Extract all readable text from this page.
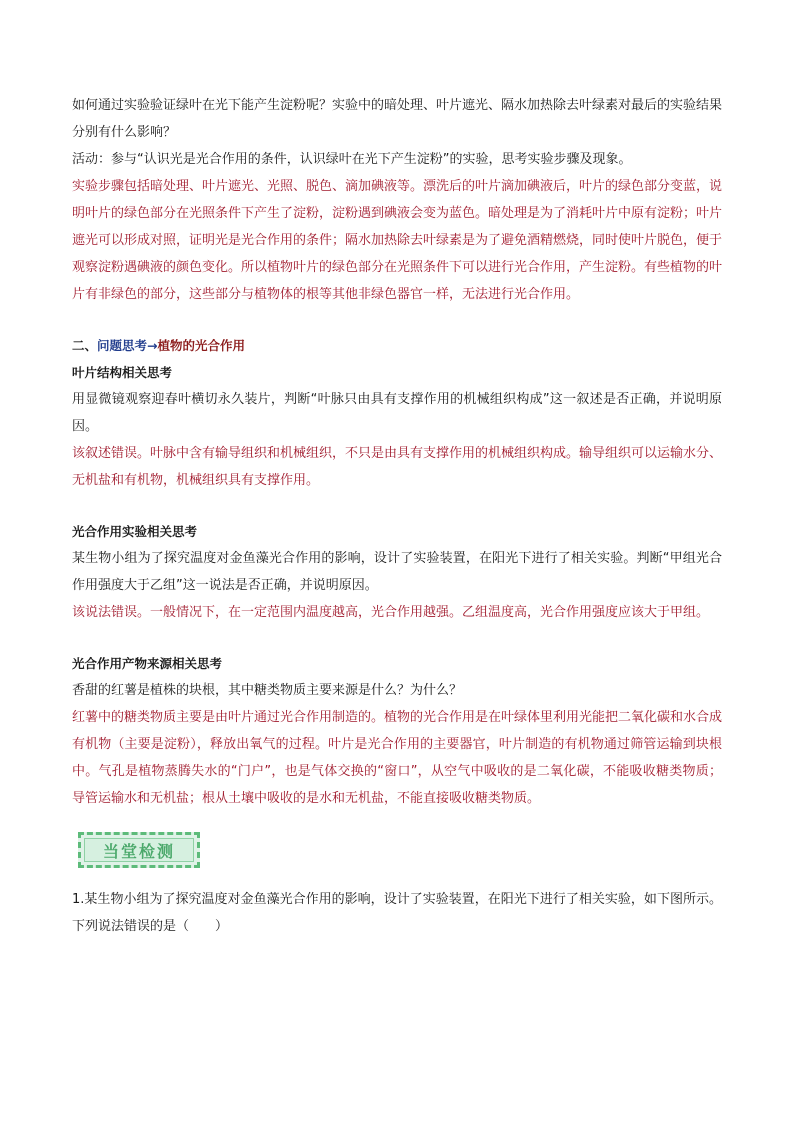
如何通过实验验证绿叶在光下能产生淀粉呢？实验中的暗处理、叶片遮光、隔水加热除去叶绿素对最后的实验结果分别有什么影响？

活动：参与“认识光是光合作用的条件，认识绿叶在光下产生淀粉”的实验，思考实验步骤及现象。

实验步骤包括暗处理、叶片遮光、光照、脱色、滴加碘液等。漂洗后的叶片滴加碘液后，叶片的绿色部分变蓝，说明叶片的绿色部分在光照条件下产生了淀粉，淀粉遇到碘液会变为蓝色。暗处理是为了消耗叶片中原有淀粉；叶片遮光可以形成对照，证明光是光合作用的条件；隔水加热除去叶绿素是为了避免酒精燃烧，同时使叶片脱色，便于观察淀粉遇碘液的颜色变化。所以植物叶片的绿色部分在光照条件下可以进行光合作用，产生淀粉。有些植物的叶片有非绿色的部分，这些部分与植物体的根等其他非绿色器官一样，无法进行光合作用。

二、问题思考→植物的光合作用

叶片结构相关思考

用显微镜观察迎春叶横切永久装片，判断“叶脉只由具有支撑作用的机械组织构成”这一叙述是否正确，并说明原因。

该叙述错误。叶脉中含有输导组织和机械组织，不只是由具有支撑作用的机械组织构成。输导组织可以运输水分、无机盐和有机物，机械组织具有支撑作用。

光合作用实验相关思考

某生物小组为了探究温度对金鱼藻光合作用的影响，设计了实验装置，在阳光下进行了相关实验。判断“甲组光合作用强度大于乙组”这一说法是否正确，并说明原因。

该说法错误。一般情况下，在一定范围内温度越高，光合作用越强。乙组温度高，光合作用强度应该大于甲组。

光合作用产物来源相关思考

香甜的红薯是植株的块根，其中糖类物质主要来源是什么？为什么？

红薯中的糖类物质主要是由叶片通过光合作用制造的。植物的光合作用是在叶绿体里利用光能把二氧化碳和水合成有机物（主要是淀粉），释放出氧气的过程。叶片是光合作用的主要器官，叶片制造的有机物通过筛管运输到块根中。气孔是植物蒸腾失水的“门户”，也是气体交换的“窗口”，从空气中吸收的是二氧化碳，不能吸收糖类物质；导管运输水和无机盐；根从土壤中吸收的是水和无机盐，不能直接吸收糖类物质。

当堂检测

1.某生物小组为了探究温度对金鱼藻光合作用的影响，设计了实验装置，在阳光下进行了相关实验，如下图所示。下列说法错误的是（　　）
